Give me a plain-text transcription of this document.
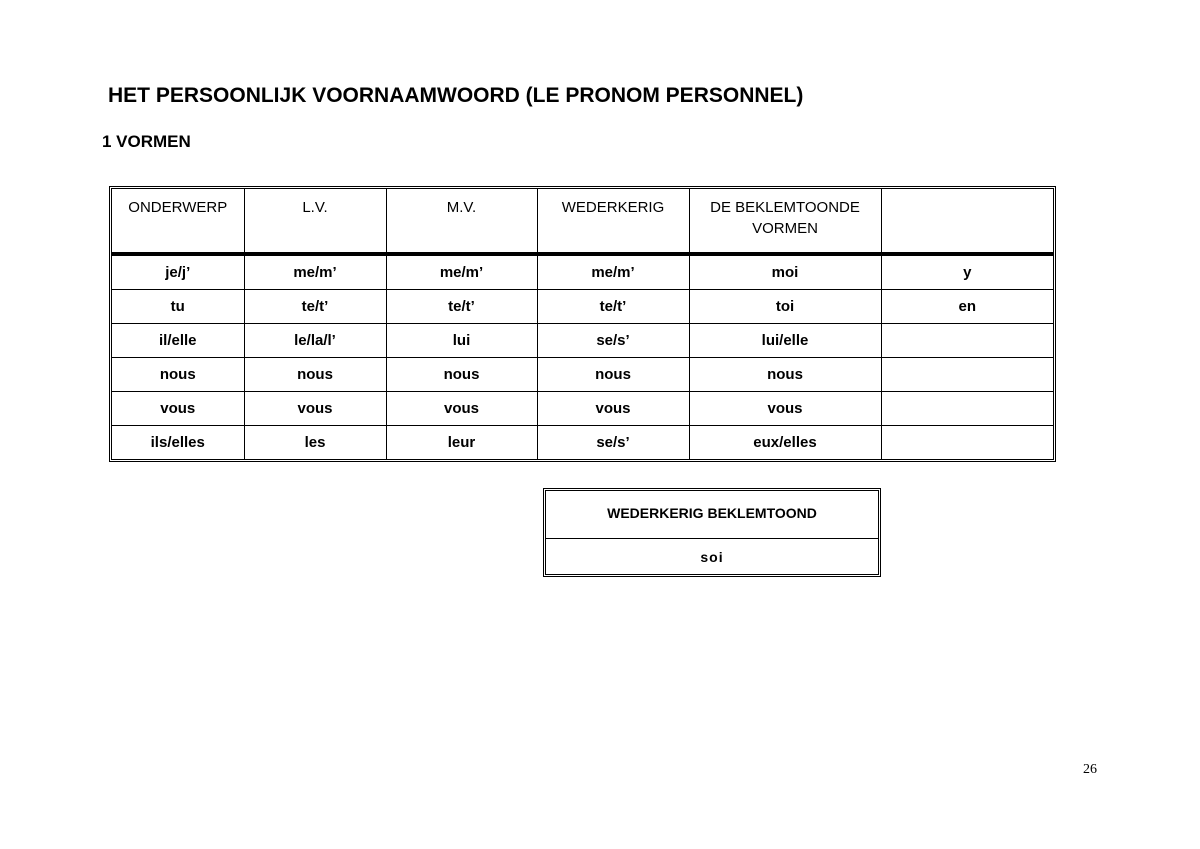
HET PERSOONLIJK VOORNAAMWOORD (LE PRONOM PERSONNEL)
1 VORMEN
ONDERWERP	L.V.	M.V.	WEDERKERIG	DE BEKLEMTOONDE VORMEN	
je/j’	me/m’	me/m’	me/m’	moi	y
tu	te/t’	te/t’	te/t’	toi	en
il/elle	le/la/l’	lui	se/s’	lui/elle	
nous	nous	nous	nous	nous	
vous	vous	vous	vous	vous	
ils/elles	les	leur	se/s’	eux/elles	
WEDERKERIG BEKLEMTOOND
soi
26
